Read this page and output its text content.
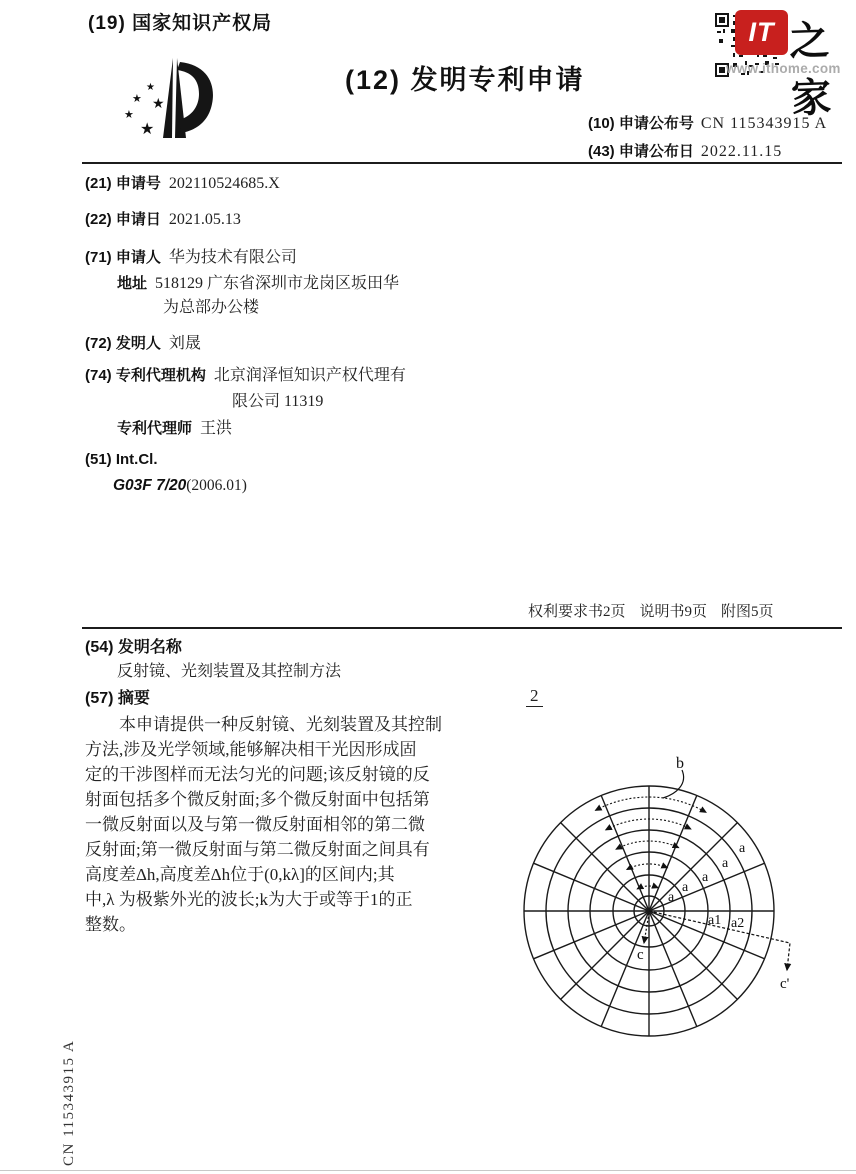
(19) 国家知识产权局
★
★ ★
★
★
(12) 发明专利申请
IT 之家
www.ithome.com
(10) 申请公布号 CN 115343915 A
(43) 申请公布日 2022.11.15
(21) 申请号 202110524685.X
(22) 申请日 2021.05.13
(71) 申请人 华为技术有限公司
地址 518129 广东省深圳市龙岗区坂田华
为总部办公楼
(72) 发明人 刘晟
(74) 专利代理机构 北京润泽恒知识产权代理有
限公司 11319
专利代理师 王洪
(51) Int.Cl.
G03F 7/20(2006.01)
权利要求书2页 说明书9页 附图5页
(54) 发明名称
反射镜、光刻装置及其控制方法
(57) 摘要
本申请提供一种反射镜、光刻装置及其控制
方法,涉及光学领域,能够解决相干光因形成固
定的干涉图样而无法匀光的问题;该反射镜的反
射面包括多个微反射面;多个微反射面中包括第
一微反射面以及与第一微反射面相邻的第二微
反射面;第一微反射面与第二微反射面之间具有
高度差Δh,高度差Δh位于(0,kλ]的区间内;其
中,λ 为极紫外光的波长;k为大于或等于1的正
整数。
2
b
a
a
a
a
a
a1 a2
c
c'
CN 115343915 A
